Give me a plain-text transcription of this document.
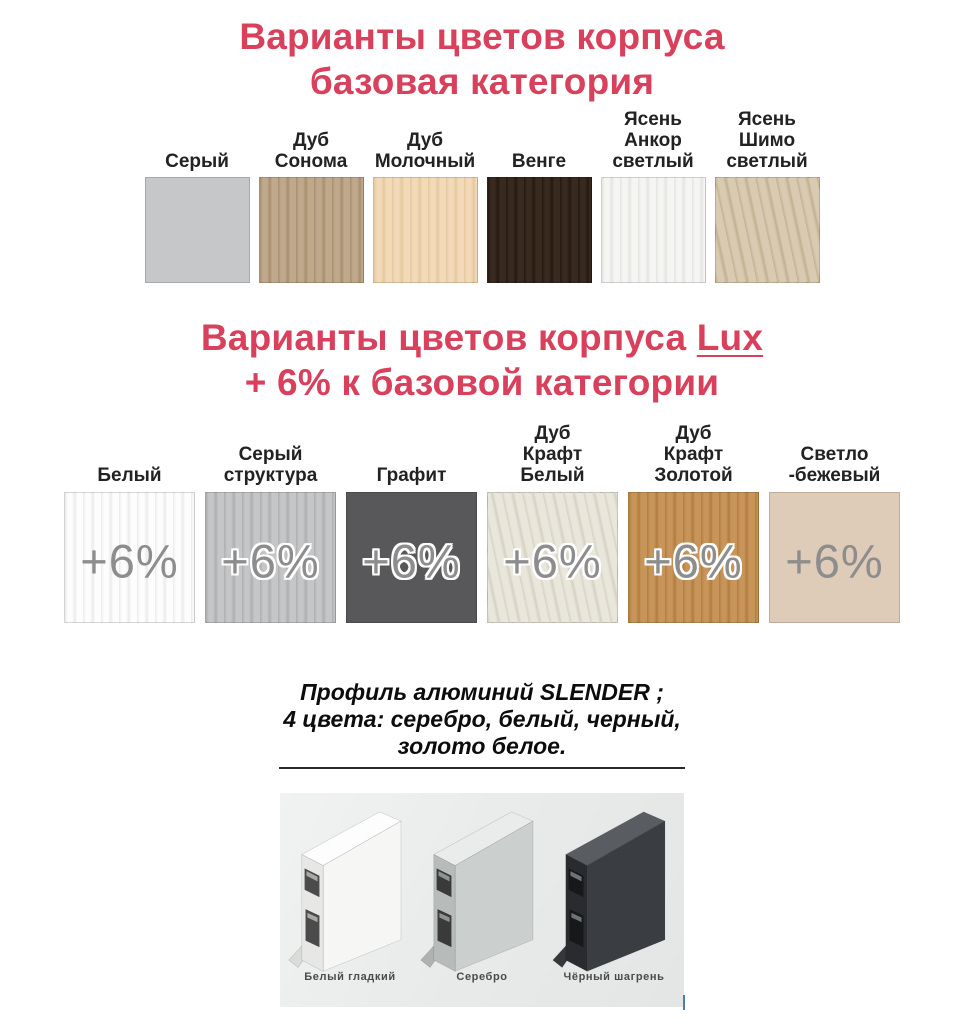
Варианты цветов корпуса
базовая категория
Серый
Дуб
Сонома
Дуб
Молочный	Венге
Ясень
Анкор
светлый
Ясень
Шимо
светлый
Варианты цветов корпуса Lux
+ 6% к базовой категории
Белый
+6%
Серый
структура
+6%
Графит
+6%
Дуб
Крафт
Белый
+6%
Дуб
Крафт
Золотой
+6%
Светло
-бежевый
+6%
Профиль алюминий SLENDER ;
4 цвета: серебро, белый, черный,
золото белое.
Белый гладкий	Серебро	Чёрный шагрень
